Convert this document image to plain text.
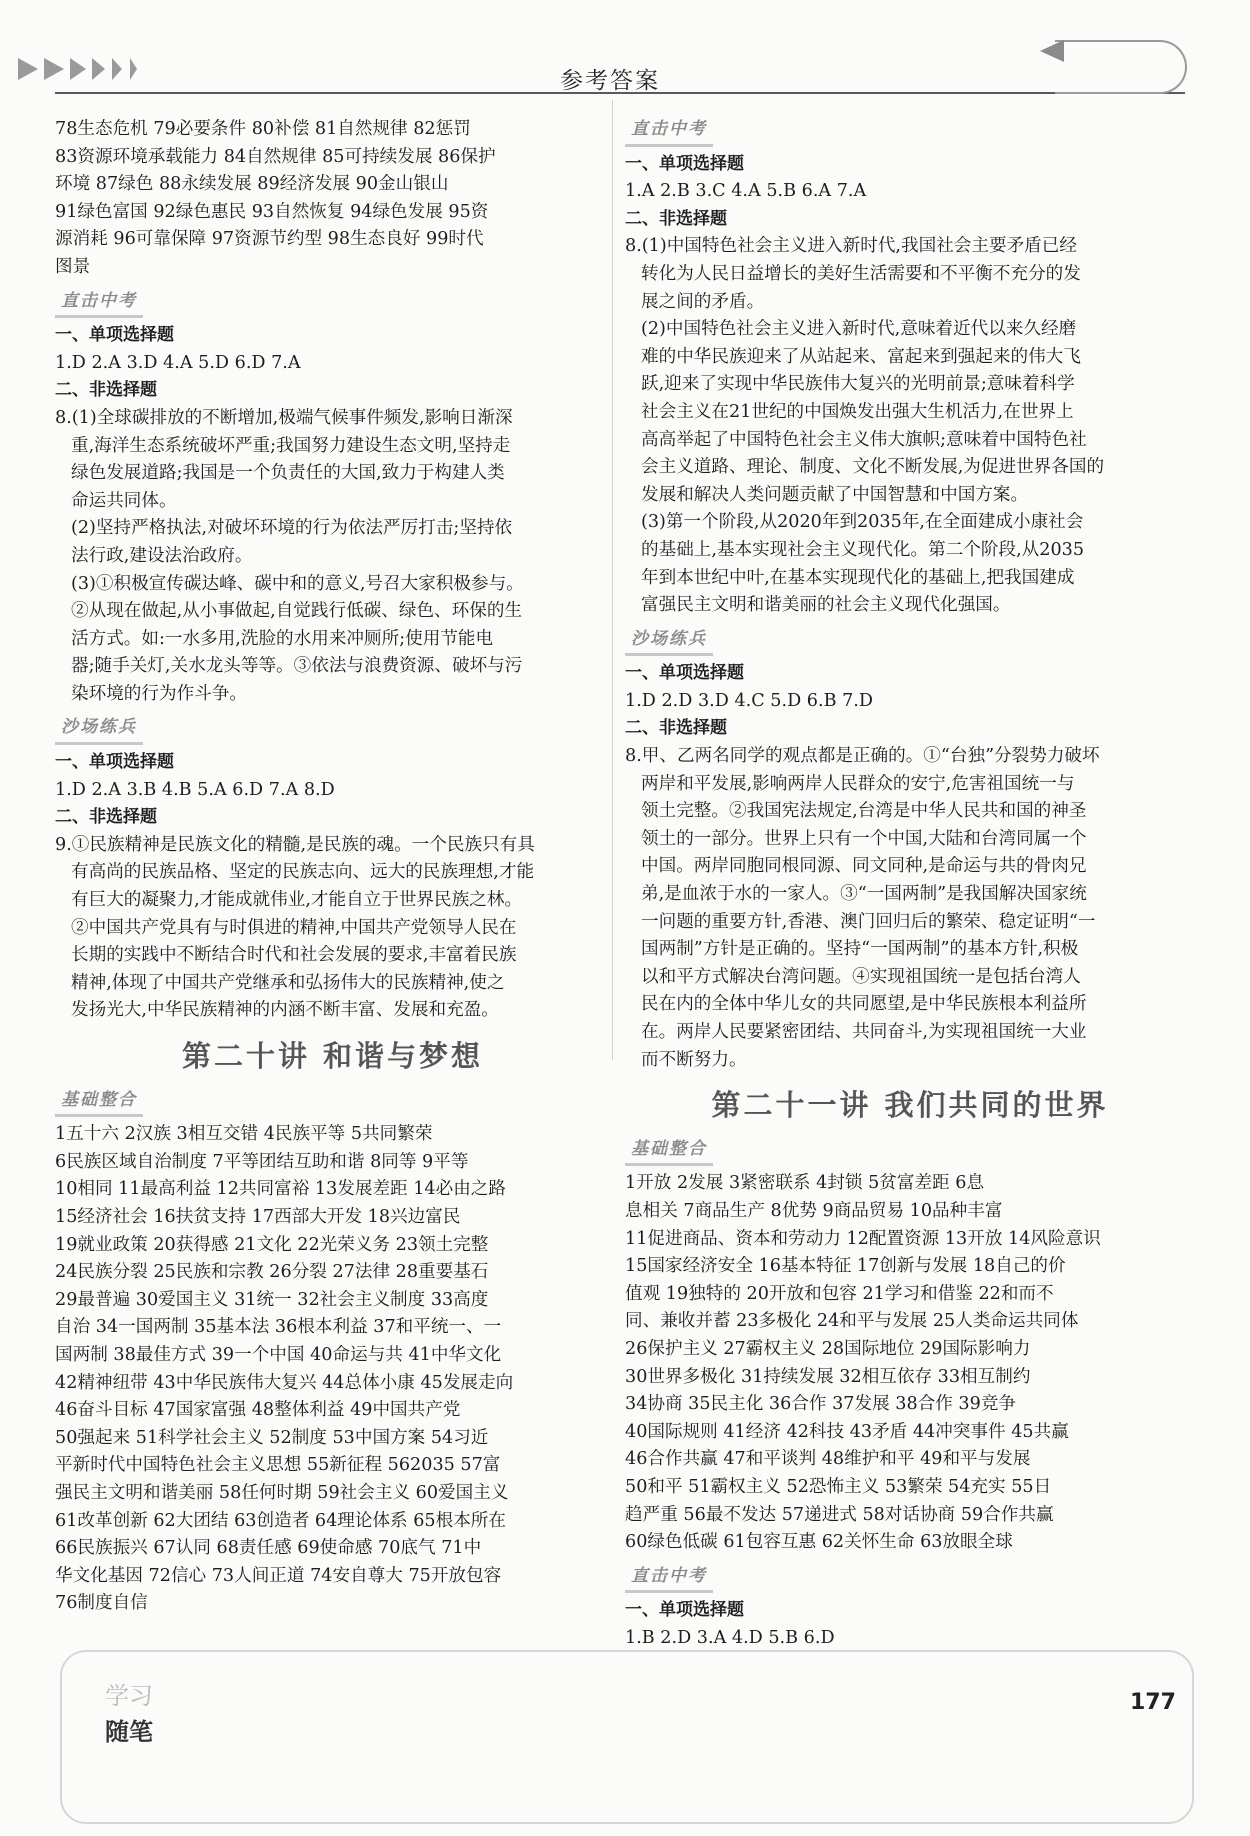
参考答案

78生态危机 79必要条件 80补偿 81自然规律 82惩罚

83资源环境承载能力 84自然规律 85可持续发展 86保护

环境 87绿色 88永续发展 89经济发展 90金山银山

91绿色富国 92绿色惠民 93自然恢复 94绿色发展 95资

源消耗 96可靠保障 97资源节约型 98生态良好 99时代

图景

直击中考

一、单项选择题

1.D 2.A 3.D 4.A 5.D 6.D 7.A

二、非选择题

8.(1)全球碳排放的不断增加,极端气候事件频发,影响日渐深

重,海洋生态系统破坏严重;我国努力建设生态文明,坚持走

绿色发展道路;我国是一个负责任的大国,致力于构建人类

命运共同体。

(2)坚持严格执法,对破坏环境的行为依法严厉打击;坚持依

法行政,建设法治政府。

(3)①积极宣传碳达峰、碳中和的意义,号召大家积极参与。

②从现在做起,从小事做起,自觉践行低碳、绿色、环保的生

活方式。如:一水多用,洗脸的水用来冲厕所;使用节能电

器;随手关灯,关水龙头等等。③依法与浪费资源、破坏与污

染环境的行为作斗争。

沙场练兵

一、单项选择题

1.D 2.A 3.B 4.B 5.A 6.D 7.A 8.D

二、非选择题

9.①民族精神是民族文化的精髓,是民族的魂。一个民族只有具

有高尚的民族品格、坚定的民族志向、远大的民族理想,才能

有巨大的凝聚力,才能成就伟业,才能自立于世界民族之林。

②中国共产党具有与时俱进的精神,中国共产党领导人民在

长期的实践中不断结合时代和社会发展的要求,丰富着民族

精神,体现了中国共产党继承和弘扬伟大的民族精神,使之

发扬光大,中华民族精神的内涵不断丰富、发展和充盈。

第二十讲 和谐与梦想
基础整合

1五十六 2汉族 3相互交错 4民族平等 5共同繁荣

6民族区域自治制度 7平等团结互助和谐 8同等 9平等

10相同 11最高利益 12共同富裕 13发展差距 14必由之路

15经济社会 16扶贫支持 17西部大开发 18兴边富民

19就业政策 20获得感 21文化 22光荣义务 23领土完整

24民族分裂 25民族和宗教 26分裂 27法律 28重要基石

29最普遍 30爱国主义 31统一 32社会主义制度 33高度

自治 34一国两制 35基本法 36根本利益 37和平统一、一

国两制 38最佳方式 39一个中国 40命运与共 41中华文化

42精神纽带 43中华民族伟大复兴 44总体小康 45发展走向

46奋斗目标 47国家富强 48整体利益 49中国共产党

50强起来 51科学社会主义 52制度 53中国方案 54习近

平新时代中国特色社会主义思想 55新征程 562035 57富

强民主文明和谐美丽 58任何时期 59社会主义 60爱国主义

61改革创新 62大团结 63创造者 64理论体系 65根本所在

66民族振兴 67认同 68责任感 69使命感 70底气 71中

华文化基因 72信心 73人间正道 74安自尊大 75开放包容

76制度自信

直击中考

一、单项选择题

1.A 2.B 3.C 4.A 5.B 6.A 7.A

二、非选择题

8.(1)中国特色社会主义进入新时代,我国社会主要矛盾已经

转化为人民日益增长的美好生活需要和不平衡不充分的发

展之间的矛盾。

(2)中国特色社会主义进入新时代,意味着近代以来久经磨

难的中华民族迎来了从站起来、富起来到强起来的伟大飞

跃,迎来了实现中华民族伟大复兴的光明前景;意味着科学

社会主义在21世纪的中国焕发出强大生机活力,在世界上

高高举起了中国特色社会主义伟大旗帜;意味着中国特色社

会主义道路、理论、制度、文化不断发展,为促进世界各国的

发展和解决人类问题贡献了中国智慧和中国方案。

(3)第一个阶段,从2020年到2035年,在全面建成小康社会

的基础上,基本实现社会主义现代化。第二个阶段,从2035

年到本世纪中叶,在基本实现现代化的基础上,把我国建成

富强民主文明和谐美丽的社会主义现代化强国。

沙场练兵

一、单项选择题

1.D 2.D 3.D 4.C 5.D 6.B 7.D

二、非选择题

8.甲、乙两名同学的观点都是正确的。①“台独”分裂势力破坏

两岸和平发展,影响两岸人民群众的安宁,危害祖国统一与

领土完整。②我国宪法规定,台湾是中华人民共和国的神圣

领土的一部分。世界上只有一个中国,大陆和台湾同属一个

中国。两岸同胞同根同源、同文同种,是命运与共的骨肉兄

弟,是血浓于水的一家人。③“一国两制”是我国解决国家统

一问题的重要方针,香港、澳门回归后的繁荣、稳定证明“一

国两制”方针是正确的。坚持“一国两制”的基本方针,积极

以和平方式解决台湾问题。④实现祖国统一是包括台湾人

民在内的全体中华儿女的共同愿望,是中华民族根本利益所

在。两岸人民要紧密团结、共同奋斗,为实现祖国统一大业

而不断努力。

第二十一讲 我们共同的世界
基础整合

1开放 2发展 3紧密联系 4封锁 5贫富差距 6息

息相关 7商品生产 8优势 9商品贸易 10品种丰富

11促进商品、资本和劳动力 12配置资源 13开放 14风险意识

15国家经济安全 16基本特征 17创新与发展 18自己的价

值观 19独特的 20开放和包容 21学习和借鉴 22和而不

同、兼收并蓄 23多极化 24和平与发展 25人类命运共同体

26保护主义 27霸权主义 28国际地位 29国际影响力

30世界多极化 31持续发展 32相互依存 33相互制约

34协商 35民主化 36合作 37发展 38合作 39竞争

40国际规则 41经济 42科技 43矛盾 44冲突事件 45共赢

46合作共赢 47和平谈判 48维护和平 49和平与发展

50和平 51霸权主义 52恐怖主义 53繁荣 54充实 55日

趋严重 56最不发达 57递进式 58对话协商 59合作共赢

60绿色低碳 61包容互惠 62关怀生命 63放眼全球

直击中考

一、单项选择题

1.B 2.D 3.A 4.D 5.B 6.D

学习
随笔
177
